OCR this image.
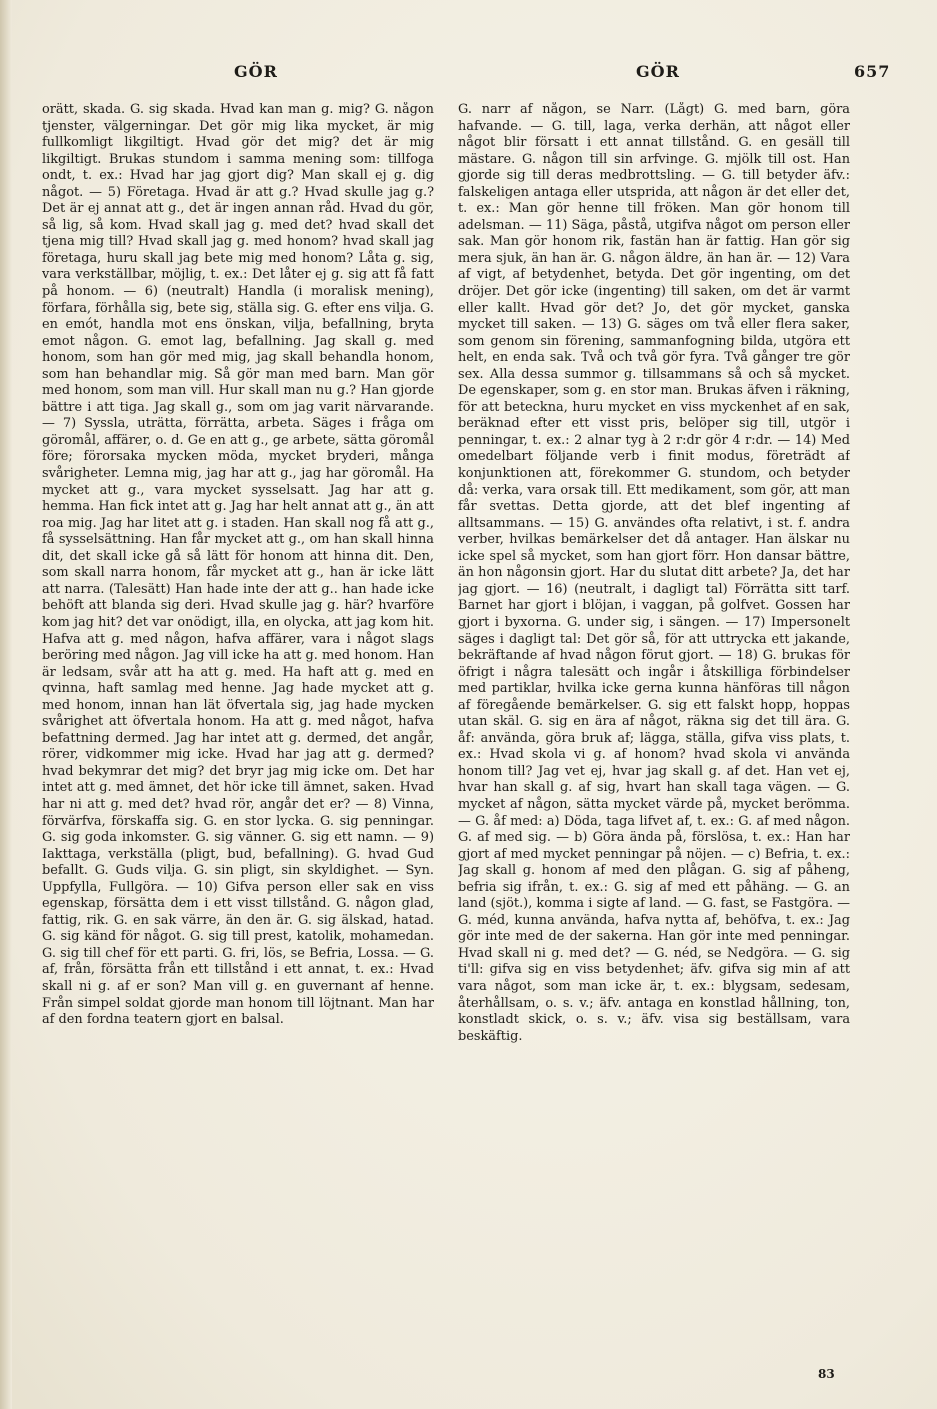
GÖR	GÖR	657

orätt, skada. G. sig skada. Hvad kan man g. mig? G. någon tjenster, välgerningar. Det gör mig lika mycket, är mig fullkomligt likgiltigt. Hvad gör det mig? det är mig likgiltigt. Brukas stundom i samma mening som: tillfoga ondt, t. ex.: Hvad har jag gjort dig? Man skall ej g. dig något. — 5) Företaga. Hvad är att g.? Hvad skulle jag g.? Det är ej annat att g., det är ingen annan råd. Hvad du gör, så lig, så kom. Hvad skall jag g. med det? hvad skall det tjena mig till? Hvad skall jag g. med honom? hvad skall jag företaga, huru skall jag bete mig med honom? Låta g. sig, vara verkställbar, möjlig, t. ex.: Det låter ej g. sig att få fatt på honom. — 6) (neutralt) Handla (i moralisk mening), förfara, förhålla sig, bete sig, ställa sig. G. efter ens vilja. G. en emót, handla mot ens önskan, vilja, befallning, bryta emot någon. G. emot lag, befallning. Jag skall g. med honom, som han gör med mig, jag skall behandla honom, som han behandlar mig. Så gör man med barn. Man gör med honom, som man vill. Hur skall man nu g.? Han gjorde bättre i att tiga. Jag skall g., som om jag varit närvarande. — 7) Syssla, uträtta, förrätta, arbeta. Säges i fråga om göromål, affärer, o. d. Ge en att g., ge arbete, sätta göromål före; förorsaka mycken möda, mycket bryderi, många svårigheter. Lemna mig, jag har att g., jag har göromål. Ha mycket att g., vara mycket sysselsatt. Jag har att g. hemma. Han fick intet att g. Jag har helt annat att g., än att roa mig. Jag har litet att g. i staden. Han skall nog få att g., få sysselsättning. Han får mycket att g., om han skall hinna dit, det skall icke gå så lätt för honom att hinna dit. Den, som skall narra honom, får mycket att g., han är icke lätt att narra. (Talesätt) Han hade inte der att g.. han hade icke behöft att blanda sig deri. Hvad skulle jag g. här? hvarföre kom jag hit? det var onödigt, illa, en olycka, att jag kom hit. Hafva att g. med någon, hafva affärer, vara i något slags beröring med någon. Jag vill icke ha att g. med honom. Han är ledsam, svår att ha att g. med. Ha haft att g. med en qvinna, haft samlag med henne. Jag hade mycket att g. med honom, innan han lät öfvertala sig, jag hade mycken svårighet att öfvertala honom. Ha att g. med något, hafva befattning dermed. Jag har intet att g. dermed, det angår, rörer, vidkommer mig icke. Hvad har jag att g. dermed? hvad bekymrar det mig? det bryr jag mig icke om. Det har intet att g. med ämnet, det hör icke till ämnet, saken. Hvad har ni att g. med det? hvad rör, angår det er? — 8) Vinna, förvärfva, förskaffa sig. G. en stor lycka. G. sig penningar. G. sig goda inkomster. G. sig vänner. G. sig ett namn. — 9) Iakttaga, verkställa (pligt, bud, befallning). G. hvad Gud befallt. G. Guds vilja. G. sin pligt, sin skyldighet. — Syn. Uppfylla, Fullgöra. — 10) Gifva person eller sak en viss egenskap, försätta dem i ett visst tillstånd. G. någon glad, fattig, rik. G. en sak värre, än den är. G. sig älskad, hatad. G. sig känd för något. G. sig till prest, katolik, mohamedan. G. sig till chef för ett parti. G. fri, lös, se Befria, Lossa. — G. af, från, försätta från ett tillstånd i ett annat, t. ex.: Hvad skall ni g. af er son? Man vill g. en guvernant af henne. Från simpel soldat gjorde man honom till löjtnant. Man har af den fordna teatern gjort en balsal.

G. narr af någon, se Narr. (Lågt) G. med barn, göra hafvande. — G. till, laga, verka derhän, att något eller något blir försatt i ett annat tillstånd. G. en gesäll till mästare. G. någon till sin arfvinge. G. mjölk till ost. Han gjorde sig till deras medbrottsling. — G. till betyder äfv.: falskeligen antaga eller utsprida, att någon är det eller det, t. ex.: Man gör henne till fröken. Man gör honom till adelsman. — 11) Säga, påstå, utgifva något om person eller sak. Man gör honom rik, fastän han är fattig. Han gör sig mera sjuk, än han är. G. någon äldre, än han är. — 12) Vara af vigt, af betydenhet, betyda. Det gör ingenting, om det dröjer. Det gör icke (ingenting) till saken, om det är varmt eller kallt. Hvad gör det? Jo, det gör mycket, ganska mycket till saken. — 13) G. säges om två eller flera saker, som genom sin förening, sammanfogning bilda, utgöra ett helt, en enda sak. Två och två gör fyra. Två gånger tre gör sex. Alla dessa summor g. tillsammans så och så mycket. De egenskaper, som g. en stor man. Brukas äfven i räkning, för att beteckna, huru mycket en viss myckenhet af en sak, beräknad efter ett visst pris, belöper sig till, utgör i penningar, t. ex.: 2 alnar tyg à 2 r:dr gör 4 r:dr. — 14) Med omedelbart följande verb i finit modus, företrädt af konjunktionen att, förekommer G. stundom, och betyder då: verka, vara orsak till. Ett medikament, som gör, att man får svettas. Detta gjorde, att det blef ingenting af alltsammans. — 15) G. användes ofta relativt, i st. f. andra verber, hvilkas bemärkelser det då antager. Han älskar nu icke spel så mycket, som han gjort förr. Hon dansar bättre, än hon någonsin gjort. Har du slutat ditt arbete? Ja, det har jag gjort. — 16) (neutralt, i dagligt tal) Förrätta sitt tarf. Barnet har gjort i blöjan, i vaggan, på golfvet. Gossen har gjort i byxorna. G. under sig, i sängen. — 17) Impersonelt säges i dagligt tal: Det gör så, för att uttrycka ett jakande, bekräftande af hvad någon förut gjort. — 18) G. brukas för öfrigt i några talesätt och ingår i åtskilliga förbindelser med partiklar, hvilka icke gerna kunna hänföras till någon af föregående bemärkelser. G. sig ett falskt hopp, hoppas utan skäl. G. sig en ära af något, räkna sig det till ära. G. åf: använda, göra bruk af; lägga, ställa, gifva viss plats, t. ex.: Hvad skola vi g. af honom? hvad skola vi använda honom till? Jag vet ej, hvar jag skall g. af det. Han vet ej, hvar han skall g. af sig, hvart han skall taga vägen. — G. mycket af någon, sätta mycket värde på, mycket berömma. — G. åf med: a) Döda, taga lifvet af, t. ex.: G. af med någon. G. af med sig. — b) Göra ända på, förslösa, t. ex.: Han har gjort af med mycket penningar på nöjen. — c) Befria, t. ex.: Jag skall g. honom af med den plågan. G. sig af påheng, befria sig ifrån, t. ex.: G. sig af med ett påhäng. — G. an land (sjöt.), komma i sigte af land. — G. fast, se Fastgöra. — G. méd, kunna använda, hafva nytta af, behöfva, t. ex.: Jag gör inte med de der sakerna. Han gör inte med penningar. Hvad skall ni g. med det? — G. néd, se Nedgöra. — G. sig ti'll: gifva sig en viss betydenhet; äfv. gifva sig min af att vara något, som man icke är, t. ex.: blygsam, sedesam, återhållsam, o. s. v.; äfv. antaga en konstlad hållning, ton, konstladt skick, o. s. v.; äfv. visa sig beställsam, vara beskäftig.

83
